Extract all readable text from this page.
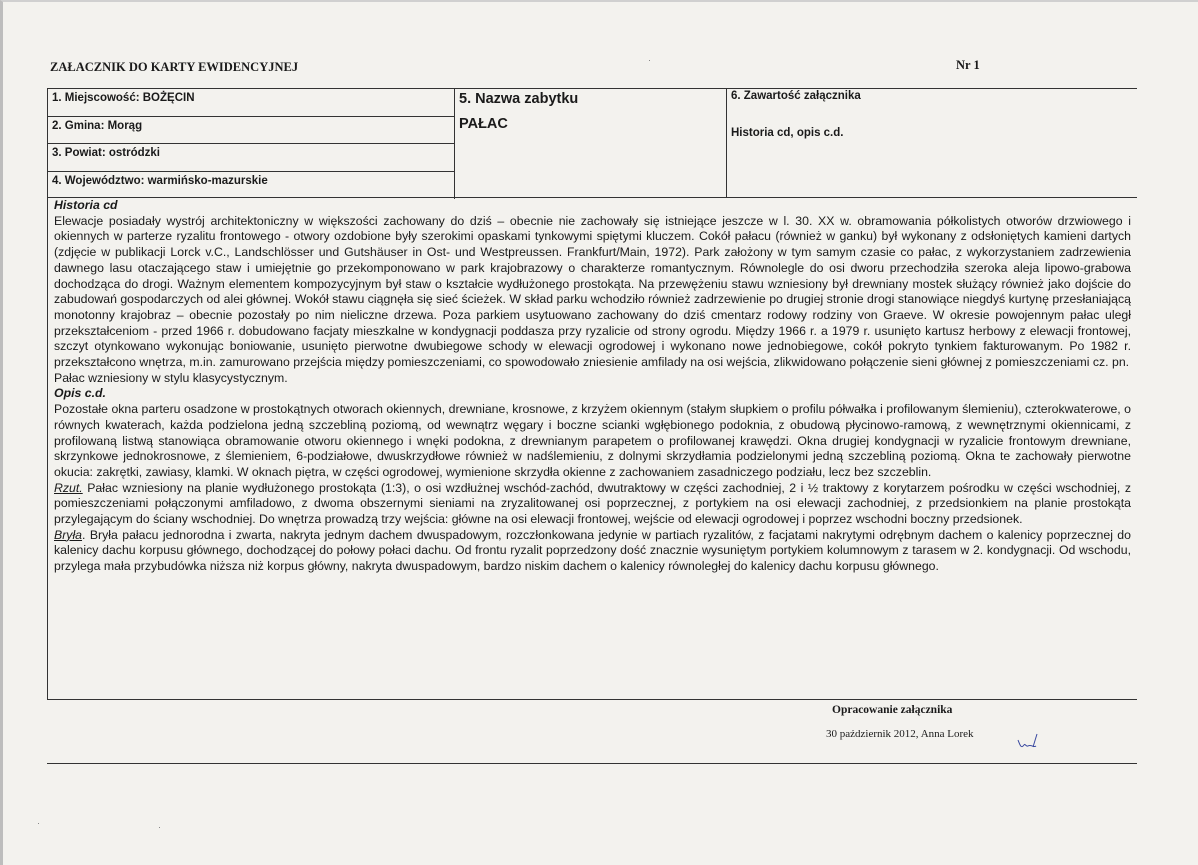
ZAŁACZNIK DO KARTY EWIDENCYJNEJ	Nr 1
1. Miejscowość: BOŻĘCIN
2. Gmina: Morąg
3. Powiat: ostródzki
4. Województwo: warmińsko-mazurskie
5. Nazwa zabytku
PAŁAC
6. Zawartość załącznika
Historia cd, opis c.d.

Historia cd

Elewacje posiadały wystrój architektoniczny w większości zachowany do dziś – obecnie nie zachowały się istniejące jeszcze w l. 30. XX w. obramowania półkolistych otworów drzwiowego i okiennych w parterze ryzalitu frontowego - otwory ozdobione były szerokimi opaskami tynkowymi spiętymi kluczem. Cokół pałacu (również w ganku) był wykonany z odsłoniętych kamieni dartych (zdjęcie w publikacji Lorck v.C., Landschlösser und Gutshäuser in Ost- und Westpreussen. Frankfurt/Main, 1972). Park założony w tym samym czasie co pałac, z wykorzystaniem zadrzewienia dawnego lasu otaczającego staw i umiejętnie go przekomponowano w park krajobrazowy o charakterze romantycznym. Równolegle do osi dworu przechodziła szeroka aleja lipowo-grabowa dochodząca do drogi. Ważnym elementem kompozycyjnym był staw o kształcie wydłużonego prostokąta. Na przewężeniu stawu wzniesiony był drewniany mostek służący również jako dojście do zabudowań gospodarczych od alei głównej. Wokół stawu ciągnęła się sieć ścieżek. W skład parku wchodziło również zadrzewienie po drugiej stronie drogi stanowiące niegdyś kurtynę przesłaniającą monotonny krajobraz – obecnie pozostały po nim nieliczne drzewa. Poza parkiem usytuowano zachowany do dziś cmentarz rodowy rodziny von Graeve. W okresie powojennym pałac uległ przekształceniom - przed 1966 r. dobudowano facjaty mieszkalne w kondygnacji poddasza przy ryzalicie od strony ogrodu. Między 1966 r. a 1979 r. usunięto kartusz herbowy z elewacji frontowej, szczyt otynkowano wykonując boniowanie, usunięto pierwotne dwubiegowe schody w elewacji ogrodowej i wykonano nowe jednobiegowe, cokół pokryto tynkiem fakturowanym. Po 1982 r. przekształcono wnętrza, m.in. zamurowano przejścia między pomieszczeniami, co spowodowało zniesienie amfilady na osi wejścia, zlikwidowano połączenie sieni głównej z pomieszczeniami cz. pn.

Pałac wzniesiony w stylu klasycystycznym.

Opis c.d.

Pozostałe okna parteru osadzone w prostokątnych otworach okiennych, drewniane, krosnowe, z krzyżem okiennym (stałym słupkiem o profilu półwałka i profilowanym ślemieniu), czterokwaterowe, o równych kwaterach, każda podzielona jedną szczebliną poziomą, od wewnątrz węgary i boczne scianki wgłębionego podoknia, z obudową płycinowo-ramową, z wewnętrznymi okiennicami, z profilowaną listwą stanowiąca obramowanie otworu okiennego i wnęki podokna, z drewnianym parapetem o profilowanej krawędzi. Okna drugiej kondygnacji w ryzalicie frontowym drewniane, skrzynkowe jednokrosnowe, z ślemieniem, 6-podziałowe, dwuskrzydłowe również w nadślemieniu, z dolnymi skrzydłamia podzielonymi jedną szczebliną poziomą. Okna te zachowały pierwotne okucia: zakrętki, zawiasy, klamki. W oknach piętra, w części ogrodowej, wymienione skrzydła okienne z zachowaniem zasadniczego podziału, lecz bez szczeblin.

Rzut. Pałac wzniesiony na planie wydłużonego prostokąta (1:3), o osi wzdłużnej wschód-zachód, dwutraktowy w części zachodniej, 2 i ½ traktowy z korytarzem pośrodku w części wschodniej, z pomieszczeniami połączonymi amfiladowo, z dwoma obszernymi sieniami na zryzalitowanej osi poprzecznej, z portykiem na osi elewacji zachodniej, z przedsionkiem na planie prostokąta przylegającym do ściany wschodniej. Do wnętrza prowadzą trzy wejścia: główne na osi elewacji frontowej, wejście od elewacji ogrodowej i poprzez wschodni boczny przedsionek.

Bryła. Bryła pałacu jednorodna i zwarta, nakryta jednym dachem dwuspadowym, rozczłonkowana jedynie w partiach ryzalitów, z facjatami nakrytymi odrębnym dachem o kalenicy poprzecznej do kalenicy dachu korpusu głównego, dochodzącej do połowy połaci dachu. Od frontu ryzalit poprzedzony dość znacznie wysuniętym portykiem kolumnowym z tarasem w 2. kondygnacji. Od wschodu, przylega mała przybudówka niższa niż korpus główny, nakryta dwuspadowym, bardzo niskim dachem o kalenicy równoległej do kalenicy dachu korpusu głównego.

Opracowanie załącznika
30 październik 2012, Anna Lorek
·
·
·
